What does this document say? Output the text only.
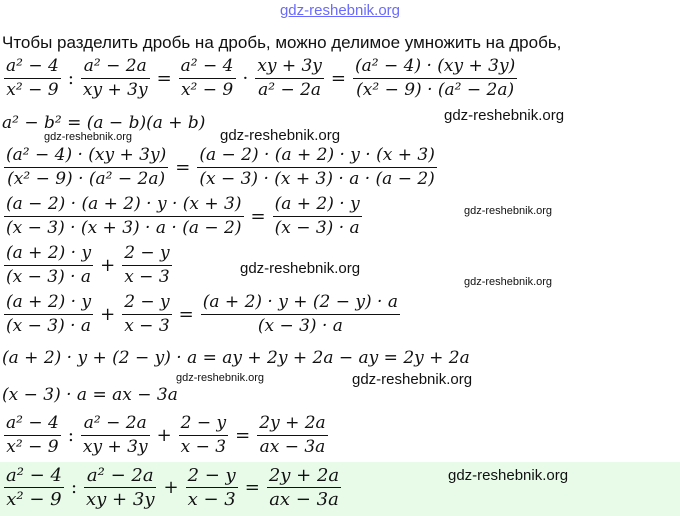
gdz-reshebnik.org
Чтобы разделить дробь на дробь, можно делимое умножить на дробь,
$\frac{\text{a² − 4}}{\text{x² − 9}}$ : $\frac{\text{a² − 2a}}{xy + 3y} = \frac{\text{a² − 4}}{\text{x² − 9}} \cdot \frac{xy + 3y}{\text{a² − 2a}} = \frac{\text{(a² − 4) · (xy + 3y)}}{\text{(x² − 9) · (a² − 2a)}}$
gdz-reshebnik.org
a² − b² = (a − b)(a + b)
gdz-reshebnik.org	gdz-reshebnik.org
$\frac{\text{(a² − 4) · (xy + 3y)}}{\text{(x² − 9) · (a² − 2a)}} = \frac{(a - 2) \cdot (a + 2) \cdot y \cdot (x + 3)}{(x - 3) \cdot (x + 3) \cdot a \cdot (a - 2)}$
$\frac{(a - 2) \cdot (a + 2) \cdot y \cdot (x + 3)}{(x - 3) \cdot (x + 3) \cdot a \cdot (a - 2)} = \frac{(a + 2) \cdot y}{(x - 3) \cdot a}$	gdz-reshebnik.org
$\frac{(a + 2) \cdot y}{(x - 3) \cdot a} + \frac{2 - y}{x - 3}$	gdz-reshebnik.org
gdz-reshebnik.org
$\frac{(a + 2) \cdot y}{(x - 3) \cdot a} + \frac{2 - y}{x - 3} = \frac{(a + 2) \cdot y + (2 - y) \cdot a}{(x - 3) \cdot a}$
(a + 2) · y + (2 − y) · a = ay + 2y + 2a − ay = 2y + 2a
gdz-reshebnik.org	gdz-reshebnik.org
(x − 3) · a = ax − 3a
$\frac{\text{a² − 4}}{\text{x² − 9}}$ : $\frac{\text{a² − 2a}}{xy + 3y} + \frac{2 - y}{x - 3} = \frac{2y + 2a}{ax - 3a}$
$\frac{\text{a² − 4}}{\text{x² − 9}}$ : $\frac{\text{a² − 2a}}{xy + 3y} + \frac{2 - y}{x - 3} = \frac{2y + 2a}{ax - 3a}$	gdz-reshebnik.org
